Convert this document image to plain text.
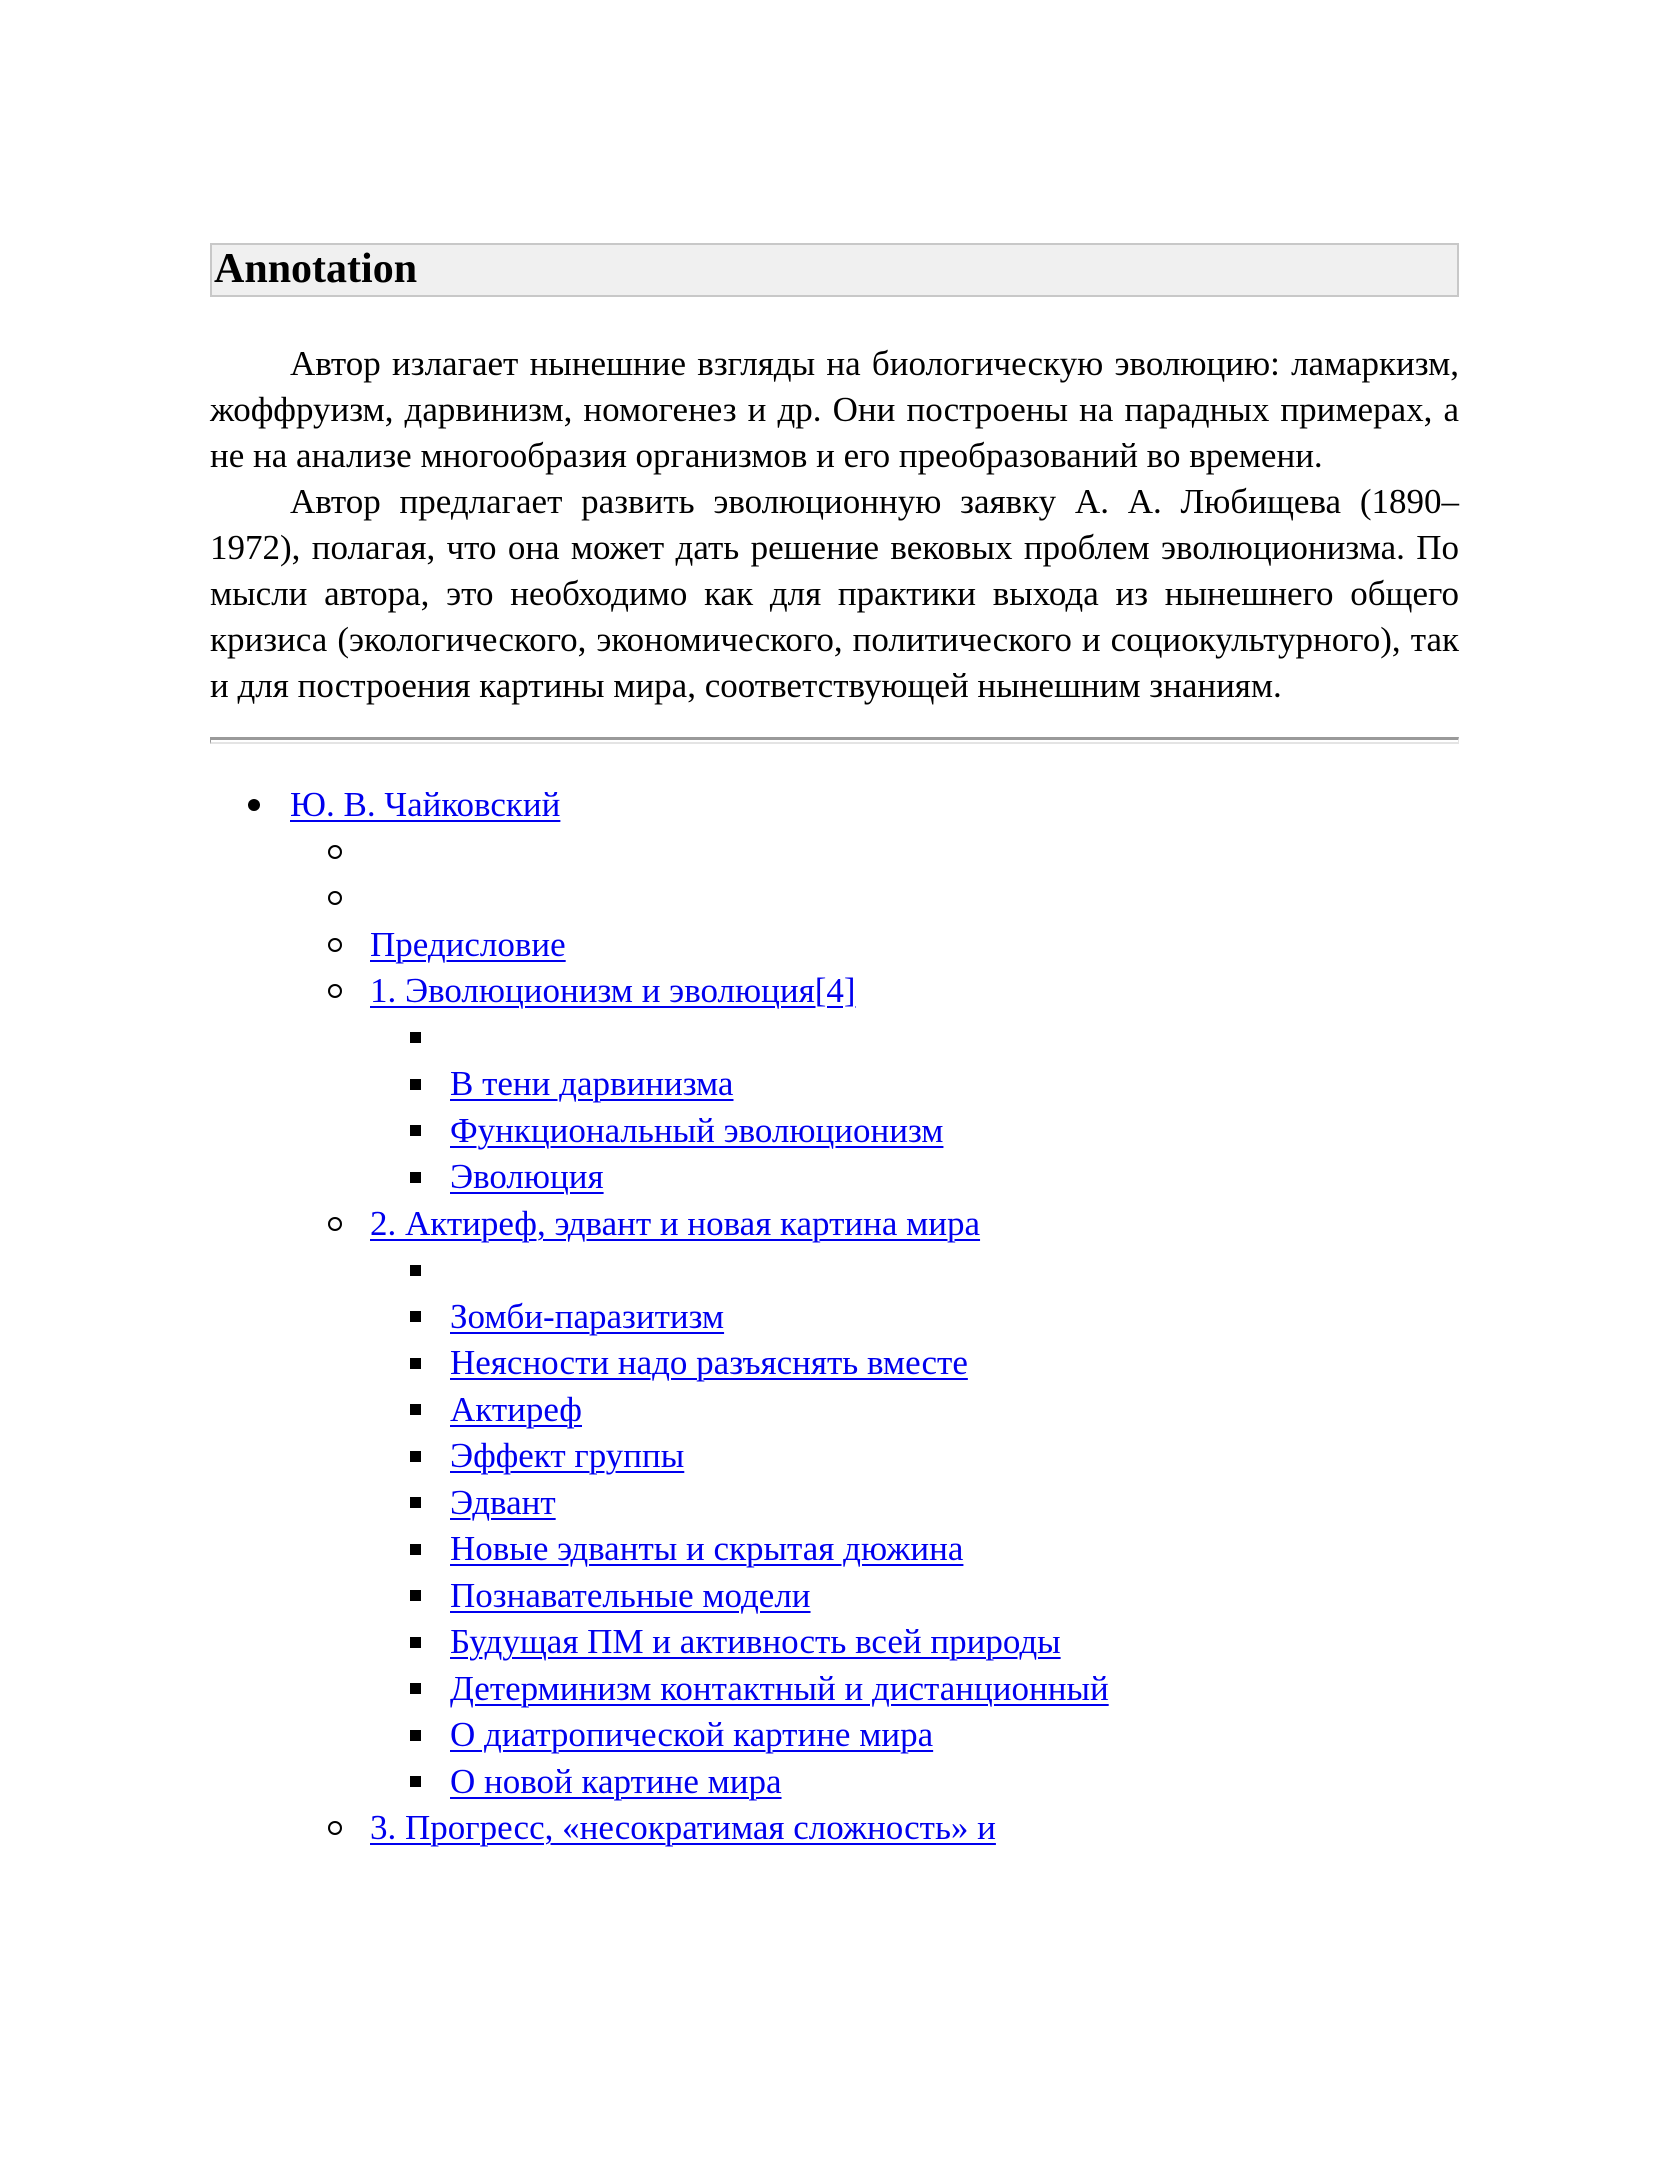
Annotation

Автор излагает нынешние взгляды на биологическую эволюцию: ламаркизм, жоффруизм, дарвинизм, номогенез и др. Они построены на парадных примерах, а не на анализе многообразия организмов и его преобразований во времени.

Автор предлагает развить эволюционную заявку А. А. Любищева (1890–1972), полагая, что она может дать решение вековых проблем эволюционизма. По мысли автора, это необходимо как для практики выхода из нынешнего общего кризиса (экологического, экономического, политического и социокультурного), так и для построения картины мира, соответствующей нынешним знаниям.

Ю. В. Чайковский
Предисловие
1. Эволюционизм и эволюция[4]
В тени дарвинизма
Функциональный эволюционизм
Эволюция
2. Актиреф, эдвант и новая картина мира
Зомби-паразитизм
Неясности надо разъяснять вместе
Актиреф
Эффект группы
Эдвант
Новые эдванты и скрытая дюжина
Познавательные модели
Будущая ПМ и активность всей природы
Детерминизм контактный и дистанционный
О диатропической картине мира
О новой картине мира
3. Прогресс, «несократимая сложность» и
